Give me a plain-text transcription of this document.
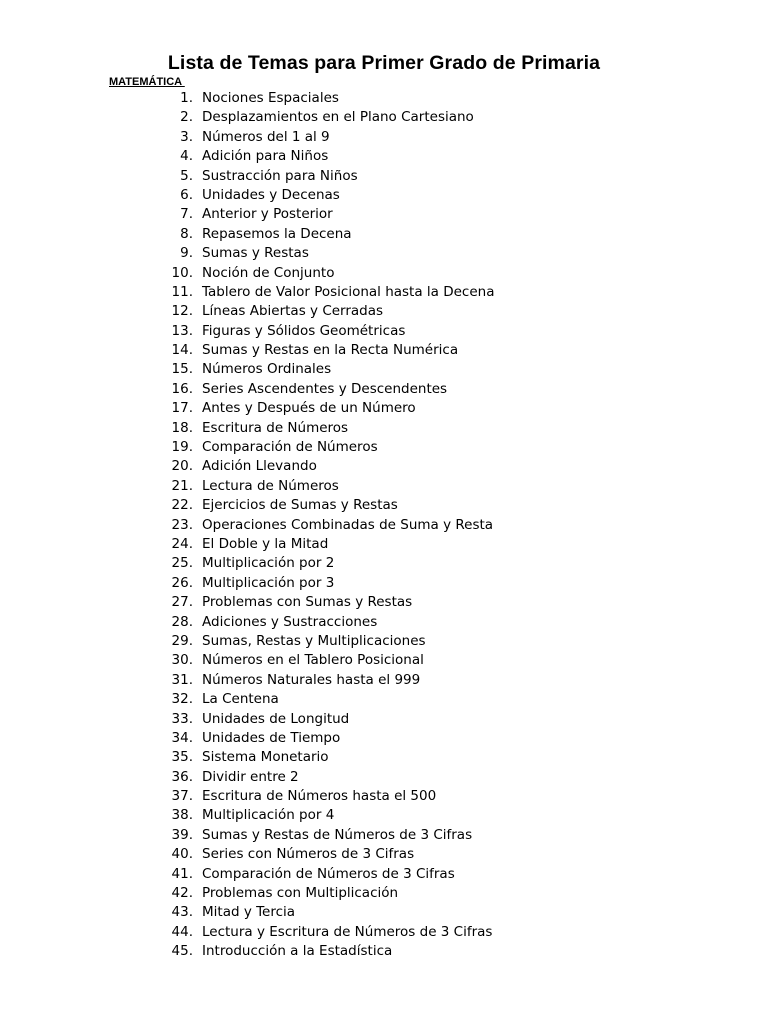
Lista de Temas para Primer Grado de Primaria
MATEMÁTICA
1. Nociones Espaciales
2. Desplazamientos en el Plano Cartesiano
3. Números del 1 al 9
4. Adición para Niños
5. Sustracción para Niños
6. Unidades y Decenas
7. Anterior y Posterior
8. Repasemos la Decena
9. Sumas y Restas
10. Noción de Conjunto
11. Tablero de Valor Posicional hasta la Decena
12. Líneas Abiertas y Cerradas
13. Figuras y Sólidos Geométricas
14. Sumas y Restas en la Recta Numérica
15. Números Ordinales
16. Series Ascendentes y Descendentes
17. Antes y Después de un Número
18. Escritura de Números
19. Comparación de Números
20. Adición Llevando
21. Lectura de Números
22. Ejercicios de Sumas y Restas
23. Operaciones Combinadas de Suma y Resta
24. El Doble y la Mitad
25. Multiplicación por 2
26. Multiplicación por 3
27. Problemas con Sumas y Restas
28. Adiciones y Sustracciones
29. Sumas, Restas y Multiplicaciones
30. Números en el Tablero Posicional
31. Números Naturales hasta el 999
32. La Centena
33. Unidades de Longitud
34. Unidades de Tiempo
35. Sistema Monetario
36. Dividir entre 2
37. Escritura de Números hasta el 500
38. Multiplicación por 4
39. Sumas y Restas de Números de 3 Cifras
40. Series con Números de 3 Cifras
41. Comparación de Números de 3 Cifras
42. Problemas con Multiplicación
43. Mitad y Tercia
44. Lectura y Escritura de Números de 3 Cifras
45. Introducción a la Estadística
